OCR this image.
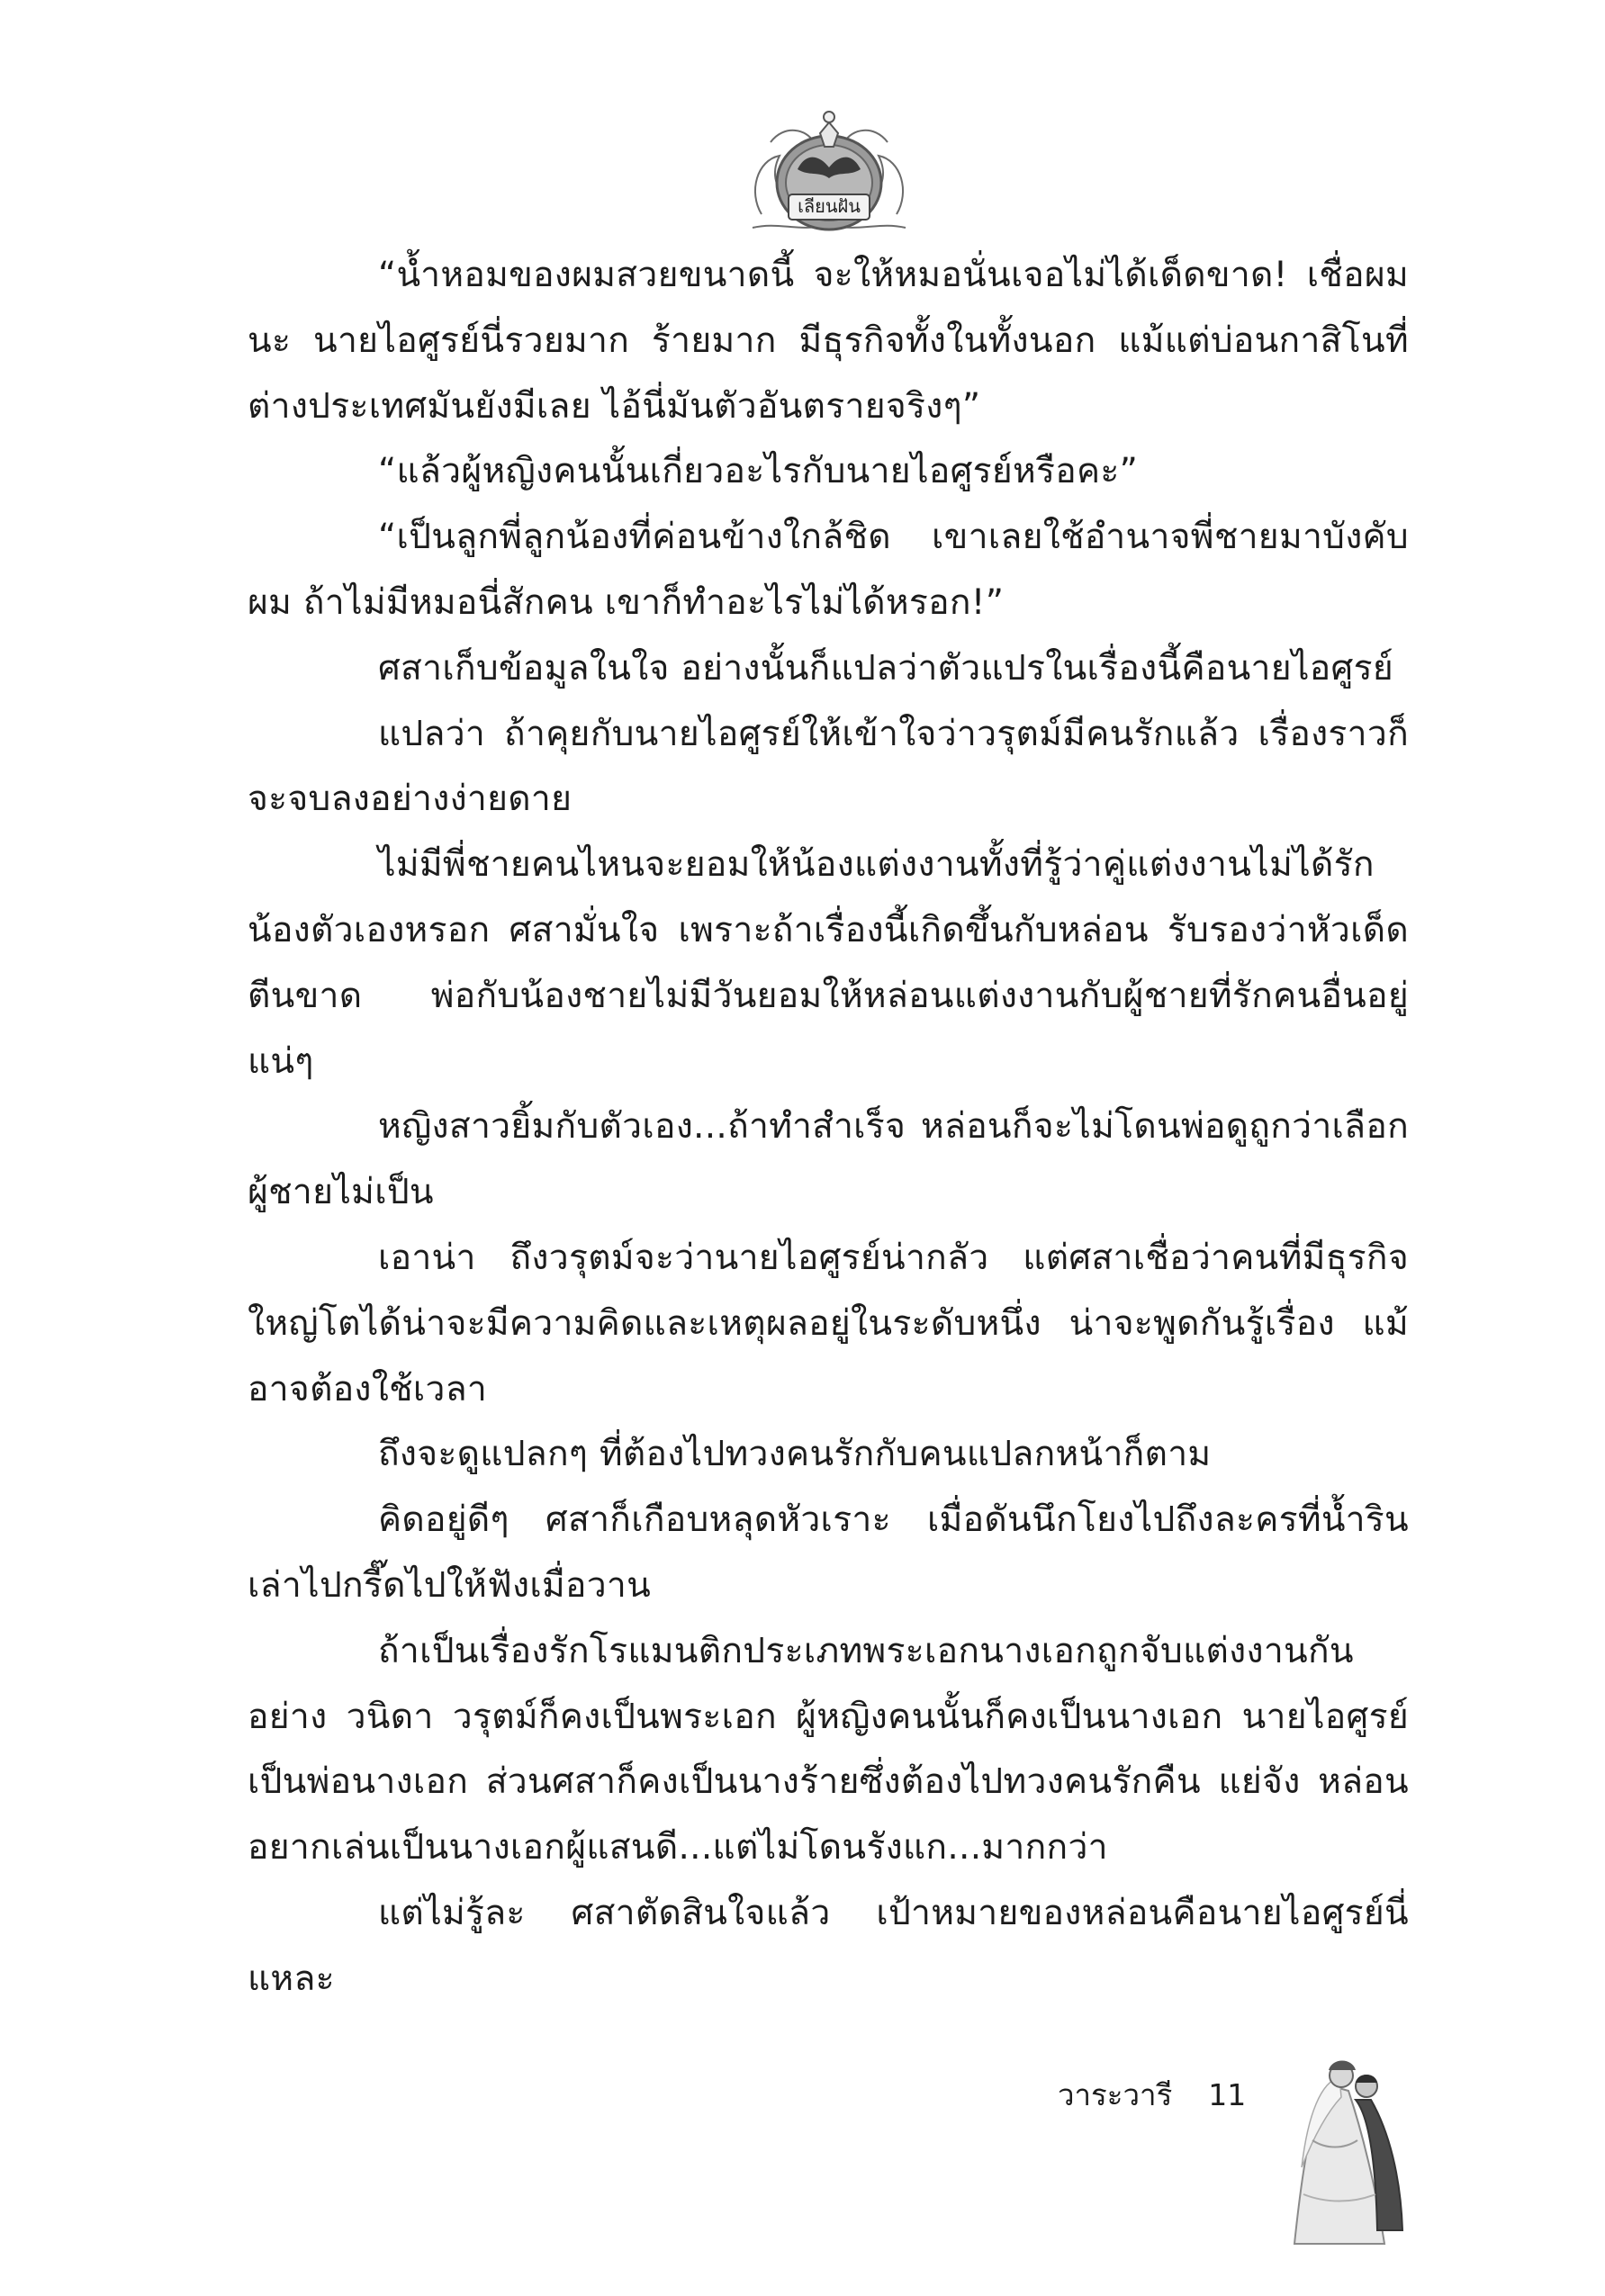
เลียนฝัน

“น้ำหอมของผมสวยขนาดนี้ จะให้หมอนั่นเจอไม่ได้เด็ดขาด! เชื่อผมนะ นายไอศูรย์นี่รวยมาก ร้ายมาก มีธุรกิจทั้งในทั้งนอก แม้แต่บ่อนกาสิโนที่ต่างประเทศมันยังมีเลย ไอ้นี่มันตัวอันตรายจริงๆ”

“แล้วผู้หญิงคนนั้นเกี่ยวอะไรกับนายไอศูรย์หรือคะ”

“เป็นลูกพี่ลูกน้องที่ค่อนข้างใกล้ชิด เขาเลยใช้อำนาจพี่ชายมาบังคับผม ถ้าไม่มีหมอนี่สักคน เขาก็ทำอะไรไม่ได้หรอก!”

ศสาเก็บข้อมูลในใจ อย่างนั้นก็แปลว่าตัวแปรในเรื่องนี้คือนายไอศูรย์

แปลว่า ถ้าคุยกับนายไอศูรย์ให้เข้าใจว่าวรุตม์มีคนรักแล้ว เรื่องราวก็จะจบลงอย่างง่ายดาย

ไม่มีพี่ชายคนไหนจะยอมให้น้องแต่งงานทั้งที่รู้ว่าคู่แต่งงานไม่ได้รักน้องตัวเองหรอก ศสามั่นใจ เพราะถ้าเรื่องนี้เกิดขึ้นกับหล่อน รับรองว่าหัวเด็ดตีนขาด พ่อกับน้องชายไม่มีวันยอมให้หล่อนแต่งงานกับผู้ชายที่รักคนอื่นอยู่แน่ๆ

หญิงสาวยิ้มกับตัวเอง...ถ้าทำสำเร็จ หล่อนก็จะไม่โดนพ่อดูถูกว่าเลือกผู้ชายไม่เป็น

เอาน่า ถึงวรุตม์จะว่านายไอศูรย์น่ากลัว แต่ศสาเชื่อว่าคนที่มีธุรกิจใหญ่โตได้น่าจะมีความคิดและเหตุผลอยู่ในระดับหนึ่ง น่าจะพูดกันรู้เรื่อง แม้อาจต้องใช้เวลา

ถึงจะดูแปลกๆ ที่ต้องไปทวงคนรักกับคนแปลกหน้าก็ตาม

คิดอยู่ดีๆ ศสาก็เกือบหลุดหัวเราะ เมื่อดันนึกโยงไปถึงละครที่น้ำรินเล่าไปกรี๊ดไปให้ฟังเมื่อวาน

ถ้าเป็นเรื่องรักโรแมนติกประเภทพระเอกนางเอกถูกจับแต่งงานกัน อย่าง วนิดา วรุตม์ก็คงเป็นพระเอก ผู้หญิงคนนั้นก็คงเป็นนางเอก นายไอศูรย์เป็นพ่อนางเอก ส่วนศสาก็คงเป็นนางร้ายซึ่งต้องไปทวงคนรักคืน แย่จัง หล่อนอยากเล่นเป็นนางเอกผู้แสนดี...แต่ไม่โดนรังแก...มากกว่า

แต่ไม่รู้ละ ศสาตัดสินใจแล้ว เป้าหมายของหล่อนคือนายไอศูรย์นี่แหละ

วาระวารี 11
